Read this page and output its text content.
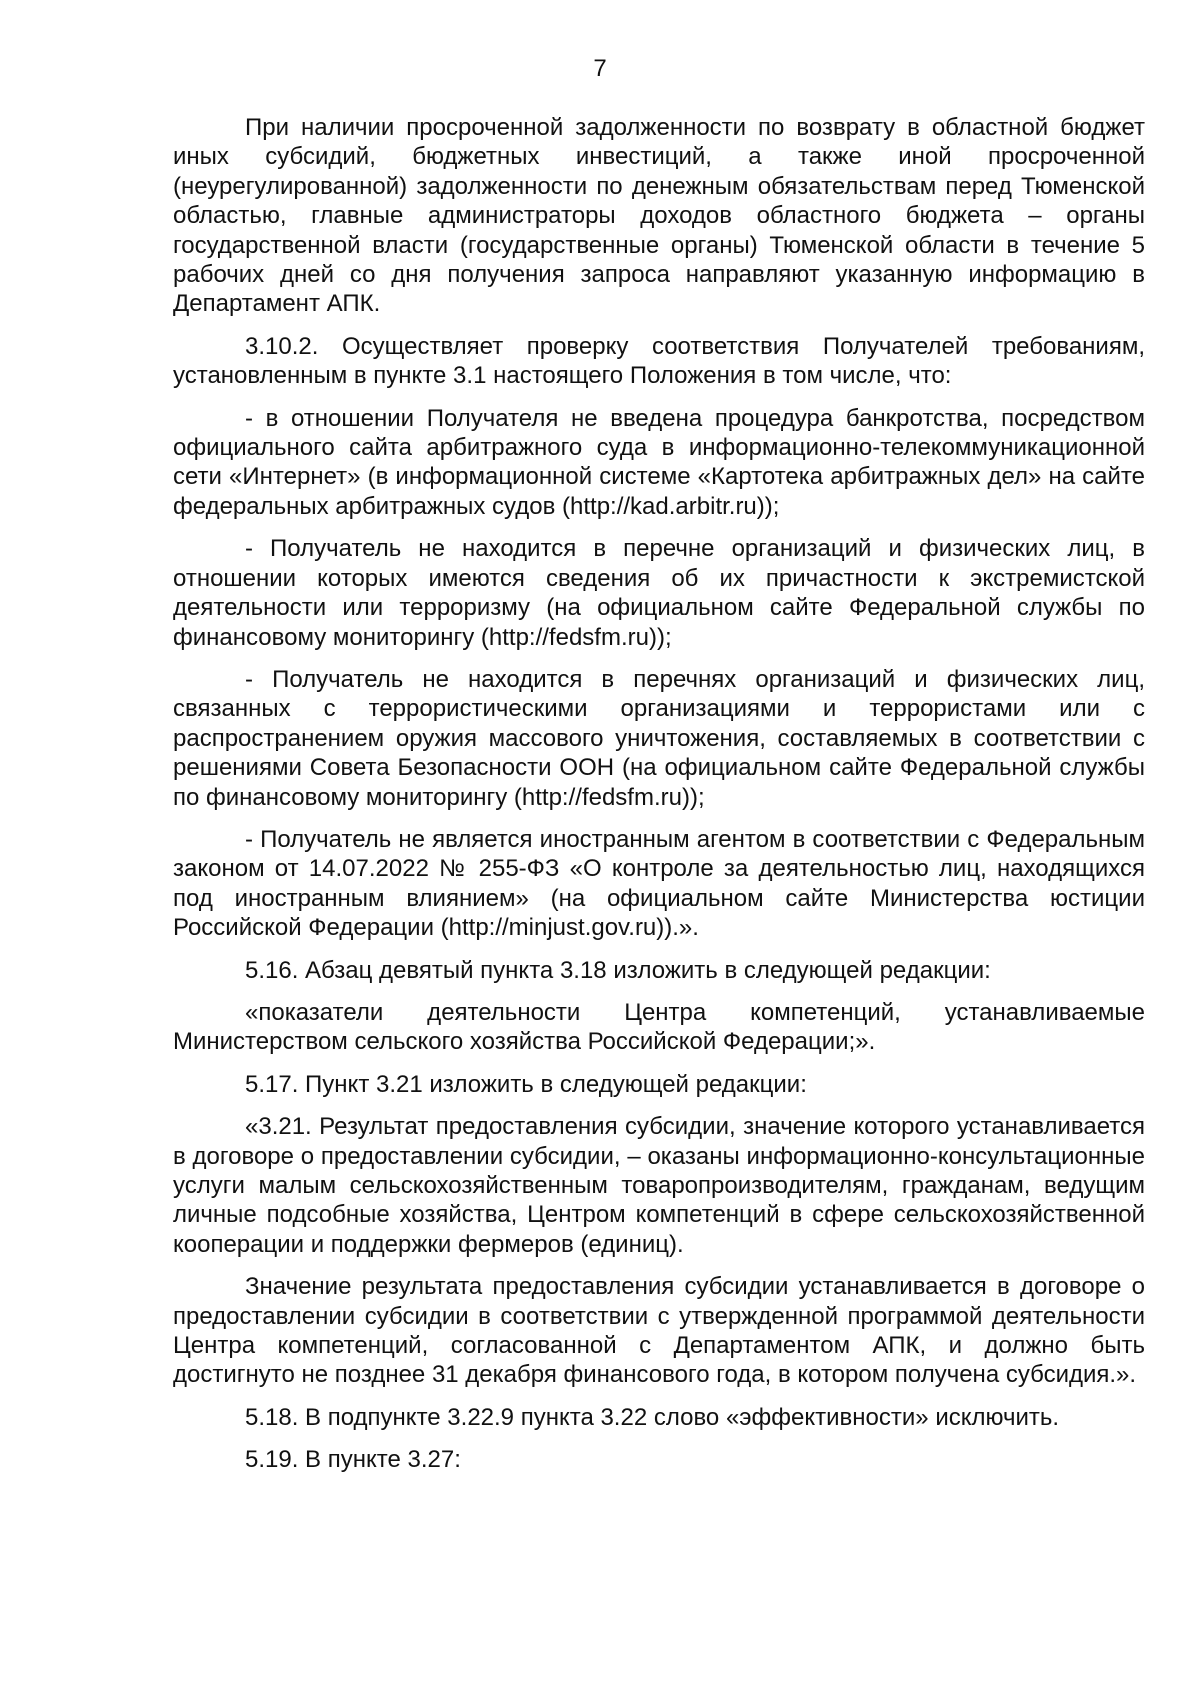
7

При наличии просроченной задолженности по возврату в областной бюджет иных субсидий, бюджетных инвестиций, а также иной просроченной (неурегулированной) задолженности по денежным обязательствам перед Тюменской областью, главные администраторы доходов областного бюджета – органы государственной власти (государственные органы) Тюменской области в течение 5 рабочих дней со дня получения запроса направляют указанную информацию в Департамент АПК.

3.10.2. Осуществляет проверку соответствия Получателей требованиям, установленным в пункте 3.1 настоящего Положения в том числе, что:

- в отношении Получателя не введена процедура банкротства, посредством официального сайта арбитражного суда в информационно-телекоммуникационной сети «Интернет» (в информационной системе «Картотека арбитражных дел» на сайте федеральных арбитражных судов (http://kad.arbitr.ru));

- Получатель не находится в перечне организаций и физических лиц, в отношении которых имеются сведения об их причастности к экстремистской деятельности или терроризму (на официальном сайте Федеральной службы по финансовому мониторингу (http://fedsfm.ru));

- Получатель не находится в перечнях организаций и физических лиц, связанных с террористическими организациями и террористами или с распространением оружия массового уничтожения, составляемых в соответствии с решениями Совета Безопасности ООН (на официальном сайте Федеральной службы по финансовому мониторингу (http://fedsfm.ru));

- Получатель не является иностранным агентом в соответствии с Федеральным законом от 14.07.2022 № 255-ФЗ «О контроле за деятельностью лиц, находящихся под иностранным влиянием» (на официальном сайте Министерства юстиции Российской Федерации (http://minjust.gov.ru)).».

5.16. Абзац девятый пункта 3.18 изложить в следующей редакции:

«показатели деятельности Центра компетенций, устанавливаемые Министерством сельского хозяйства Российской Федерации;».

5.17. Пункт 3.21 изложить в следующей редакции:

«3.21. Результат предоставления субсидии, значение которого устанавливается в договоре о предоставлении субсидии, – оказаны информационно-консультационные услуги малым сельскохозяйственным товаропроизводителям, гражданам, ведущим личные подсобные хозяйства, Центром компетенций в сфере сельскохозяйственной кооперации и поддержки фермеров (единиц).

Значение результата предоставления субсидии устанавливается в договоре о предоставлении субсидии в соответствии с утвержденной программой деятельности Центра компетенций, согласованной с Департаментом АПК, и должно быть достигнуто не позднее 31 декабря финансового года, в котором получена субсидия.».

5.18. В подпункте 3.22.9 пункта 3.22 слово «эффективности» исключить.

5.19. В пункте 3.27:
